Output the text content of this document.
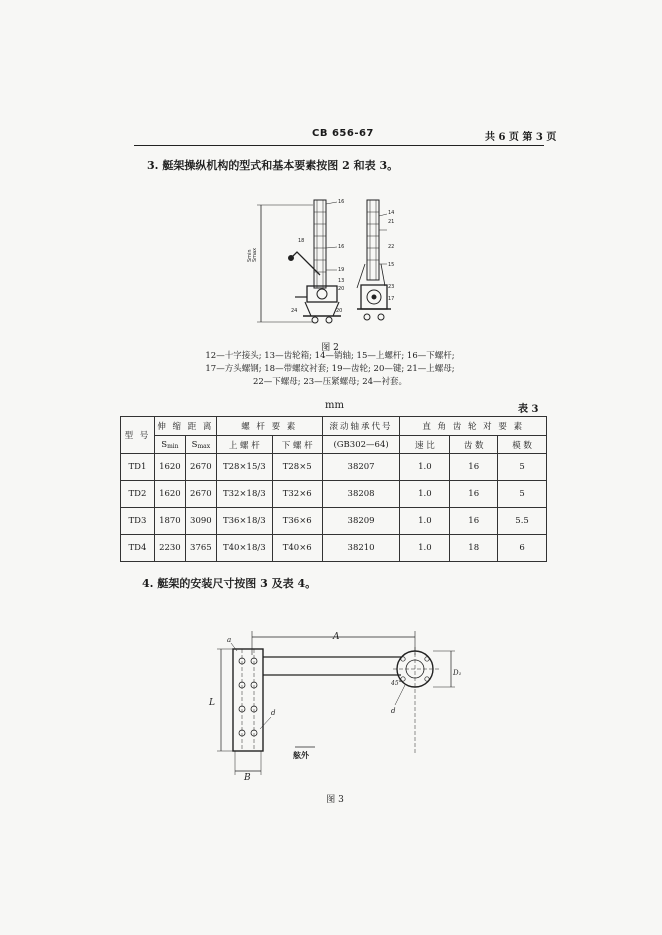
CB 656-67	共 6 页 第 3 页
3. 艇架操纵机构的型式和基本要素按图 2 和表 3。
Smin Smax
16
18
16
19
13
20
24	20
14
21
22
15
23
17
图 2
12—十字接头; 13—齿轮箱; 14—销轴; 15—上螺杆; 16—下螺杆;
17—方头螺钢; 18—带螺纹衬套; 19—齿轮; 20—键; 21—上螺母;
22—下螺母; 23—压紧螺母; 24—衬套。
mm	表 3
型 号	伸 缩 距 离		螺 杆 要 素		滚动轴承代号	直 角 齿 轮 对 要 素		
	Smin	Smax	上 螺 杆	下 螺 杆	(GB302—64)	速 比	齿 数	模 数
TD1	1620	2670	T28×15/3	T28×5	38207	1.0	16	5
TD2	1620	2670	T32×18/3	T32×6	38208	1.0	16	5
TD3	1870	3090	T36×18/3	T36×6	38209	1.0	16	5.5
TD4	2230	3765	T40×18/3	T40×6	38210	1.0	18	6
4. 艇架的安装尺寸按图 3 及表 4。
A
L
B
a
d	d
D₁
45°
舷外
图 3
